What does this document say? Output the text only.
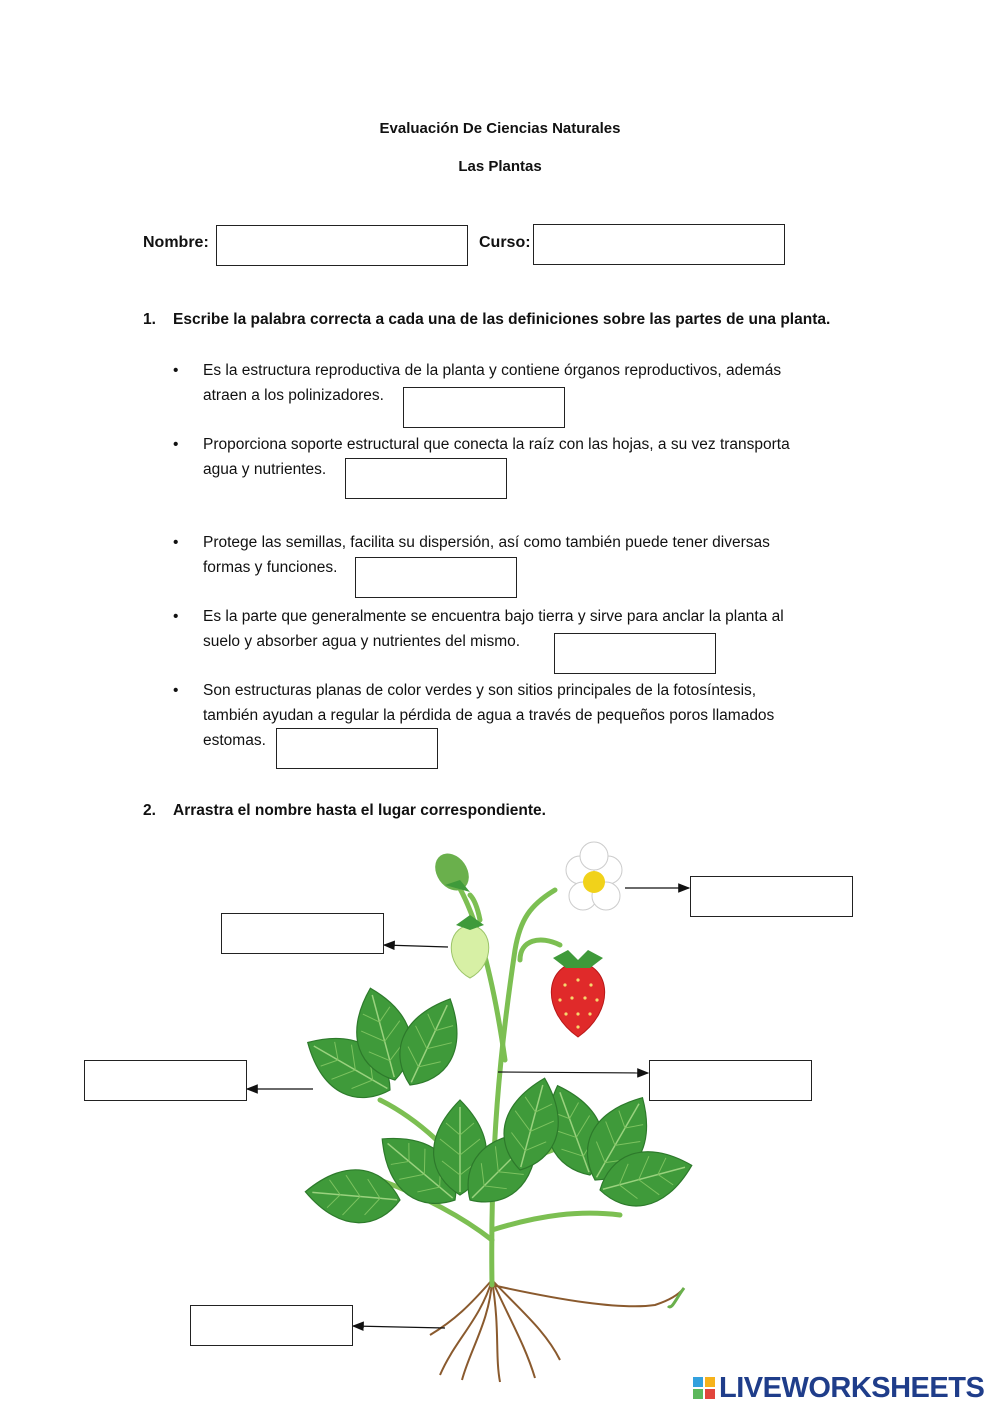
Evaluación De Ciencias Naturales
Las Plantas
Nombre:	Curso:
1. Escribe la palabra correcta a cada una de las definiciones sobre las partes de una planta.
• Es la estructura reproductiva de la planta y contiene órganos reproductivos, además
atraen a los polinizadores.
• Proporciona soporte estructural que conecta la raíz con las hojas, a su vez transporta
agua y nutrientes.
• Protege las semillas, facilita su dispersión, así como también puede tener diversas
formas y funciones.
• Es la parte que generalmente se encuentra bajo tierra y sirve para anclar la planta al
suelo y absorber agua y nutrientes del mismo.
• Son estructuras planas de color verdes y son sitios principales de la fotosíntesis,
también ayudan a regular la pérdida de agua a través de pequeños poros llamados
estomas.
2. Arrastra el nombre hasta el lugar correspondiente.
LIVEWORKSHEETS
